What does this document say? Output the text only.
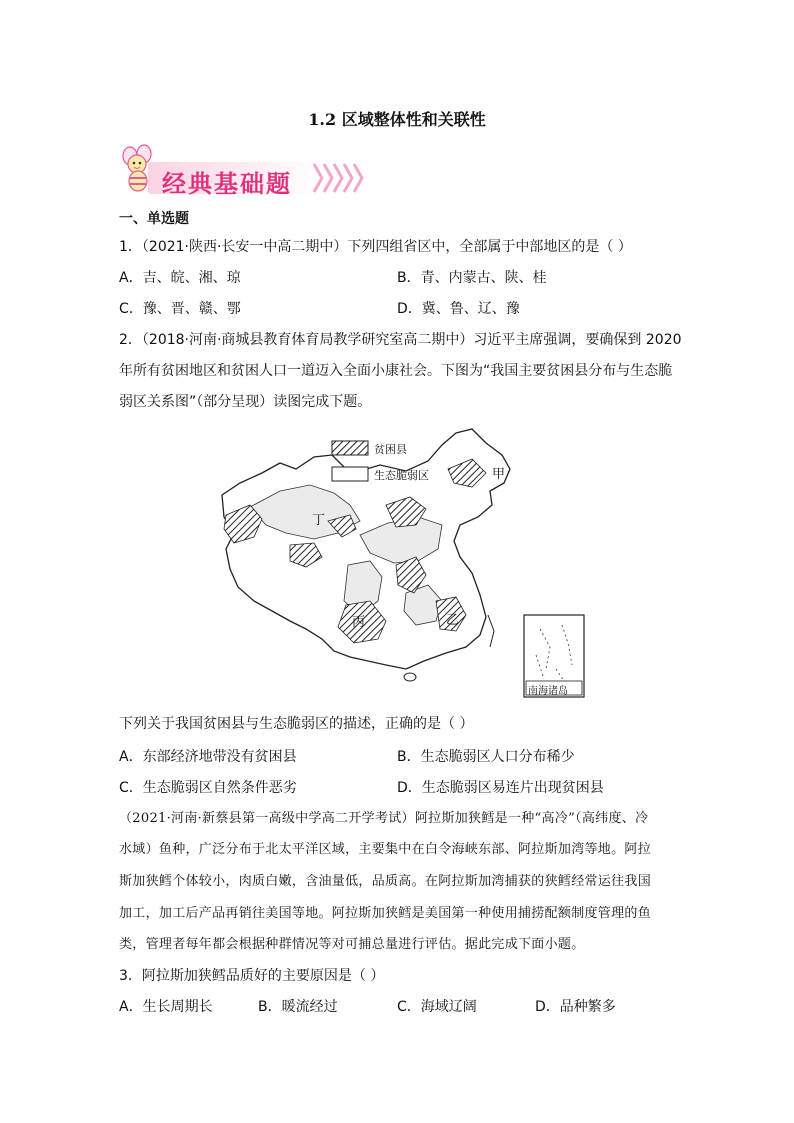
1.2 区域整体性和关联性
经典基础题
一、单选题
1．（2021·陕西·长安一中高二期中）下列四组省区中，全部属于中部地区的是（ ）
A．吉、皖、湘、琼	B．青、内蒙古、陕、桂
C．豫、晋、赣、鄂	D．冀、鲁、辽、豫
2．（2018·河南·商城县教育体育局教学研究室高二期中）习近平主席强调，要确保到 2020
年所有贫困地区和贫困人口一道迈入全面小康社会。下图为“我国主要贫困县分布与生态脆
弱区关系图”（部分呈现）读图完成下题。
贫困县
生态脆弱区	甲
丁
丙	乙
南海诸岛
下列关于我国贫困县与生态脆弱区的描述，正确的是（ ）
A．东部经济地带没有贫困县	B．生态脆弱区人口分布稀少
C．生态脆弱区自然条件恶劣	D．生态脆弱区易连片出现贫困县
（2021·河南·新蔡县第一高级中学高二开学考试）阿拉斯加狭鳕是一种“高冷”（高纬度、冷
水域）鱼种，广泛分布于北太平洋区域，主要集中在白令海峡东部、阿拉斯加湾等地。阿拉
斯加狭鳕个体较小，肉质白嫩，含油量低，品质高。在阿拉斯加湾捕获的狭鳕经常运往我国
加工，加工后产品再销往美国等地。阿拉斯加狭鳕是美国第一种使用捕捞配额制度管理的鱼
类，管理者每年都会根据种群情况等对可捕总量进行评估。据此完成下面小题。
3．阿拉斯加狭鳕品质好的主要原因是（ ）
A．生长周期长	B．暖流经过	C．海域辽阔	D．品种繁多
